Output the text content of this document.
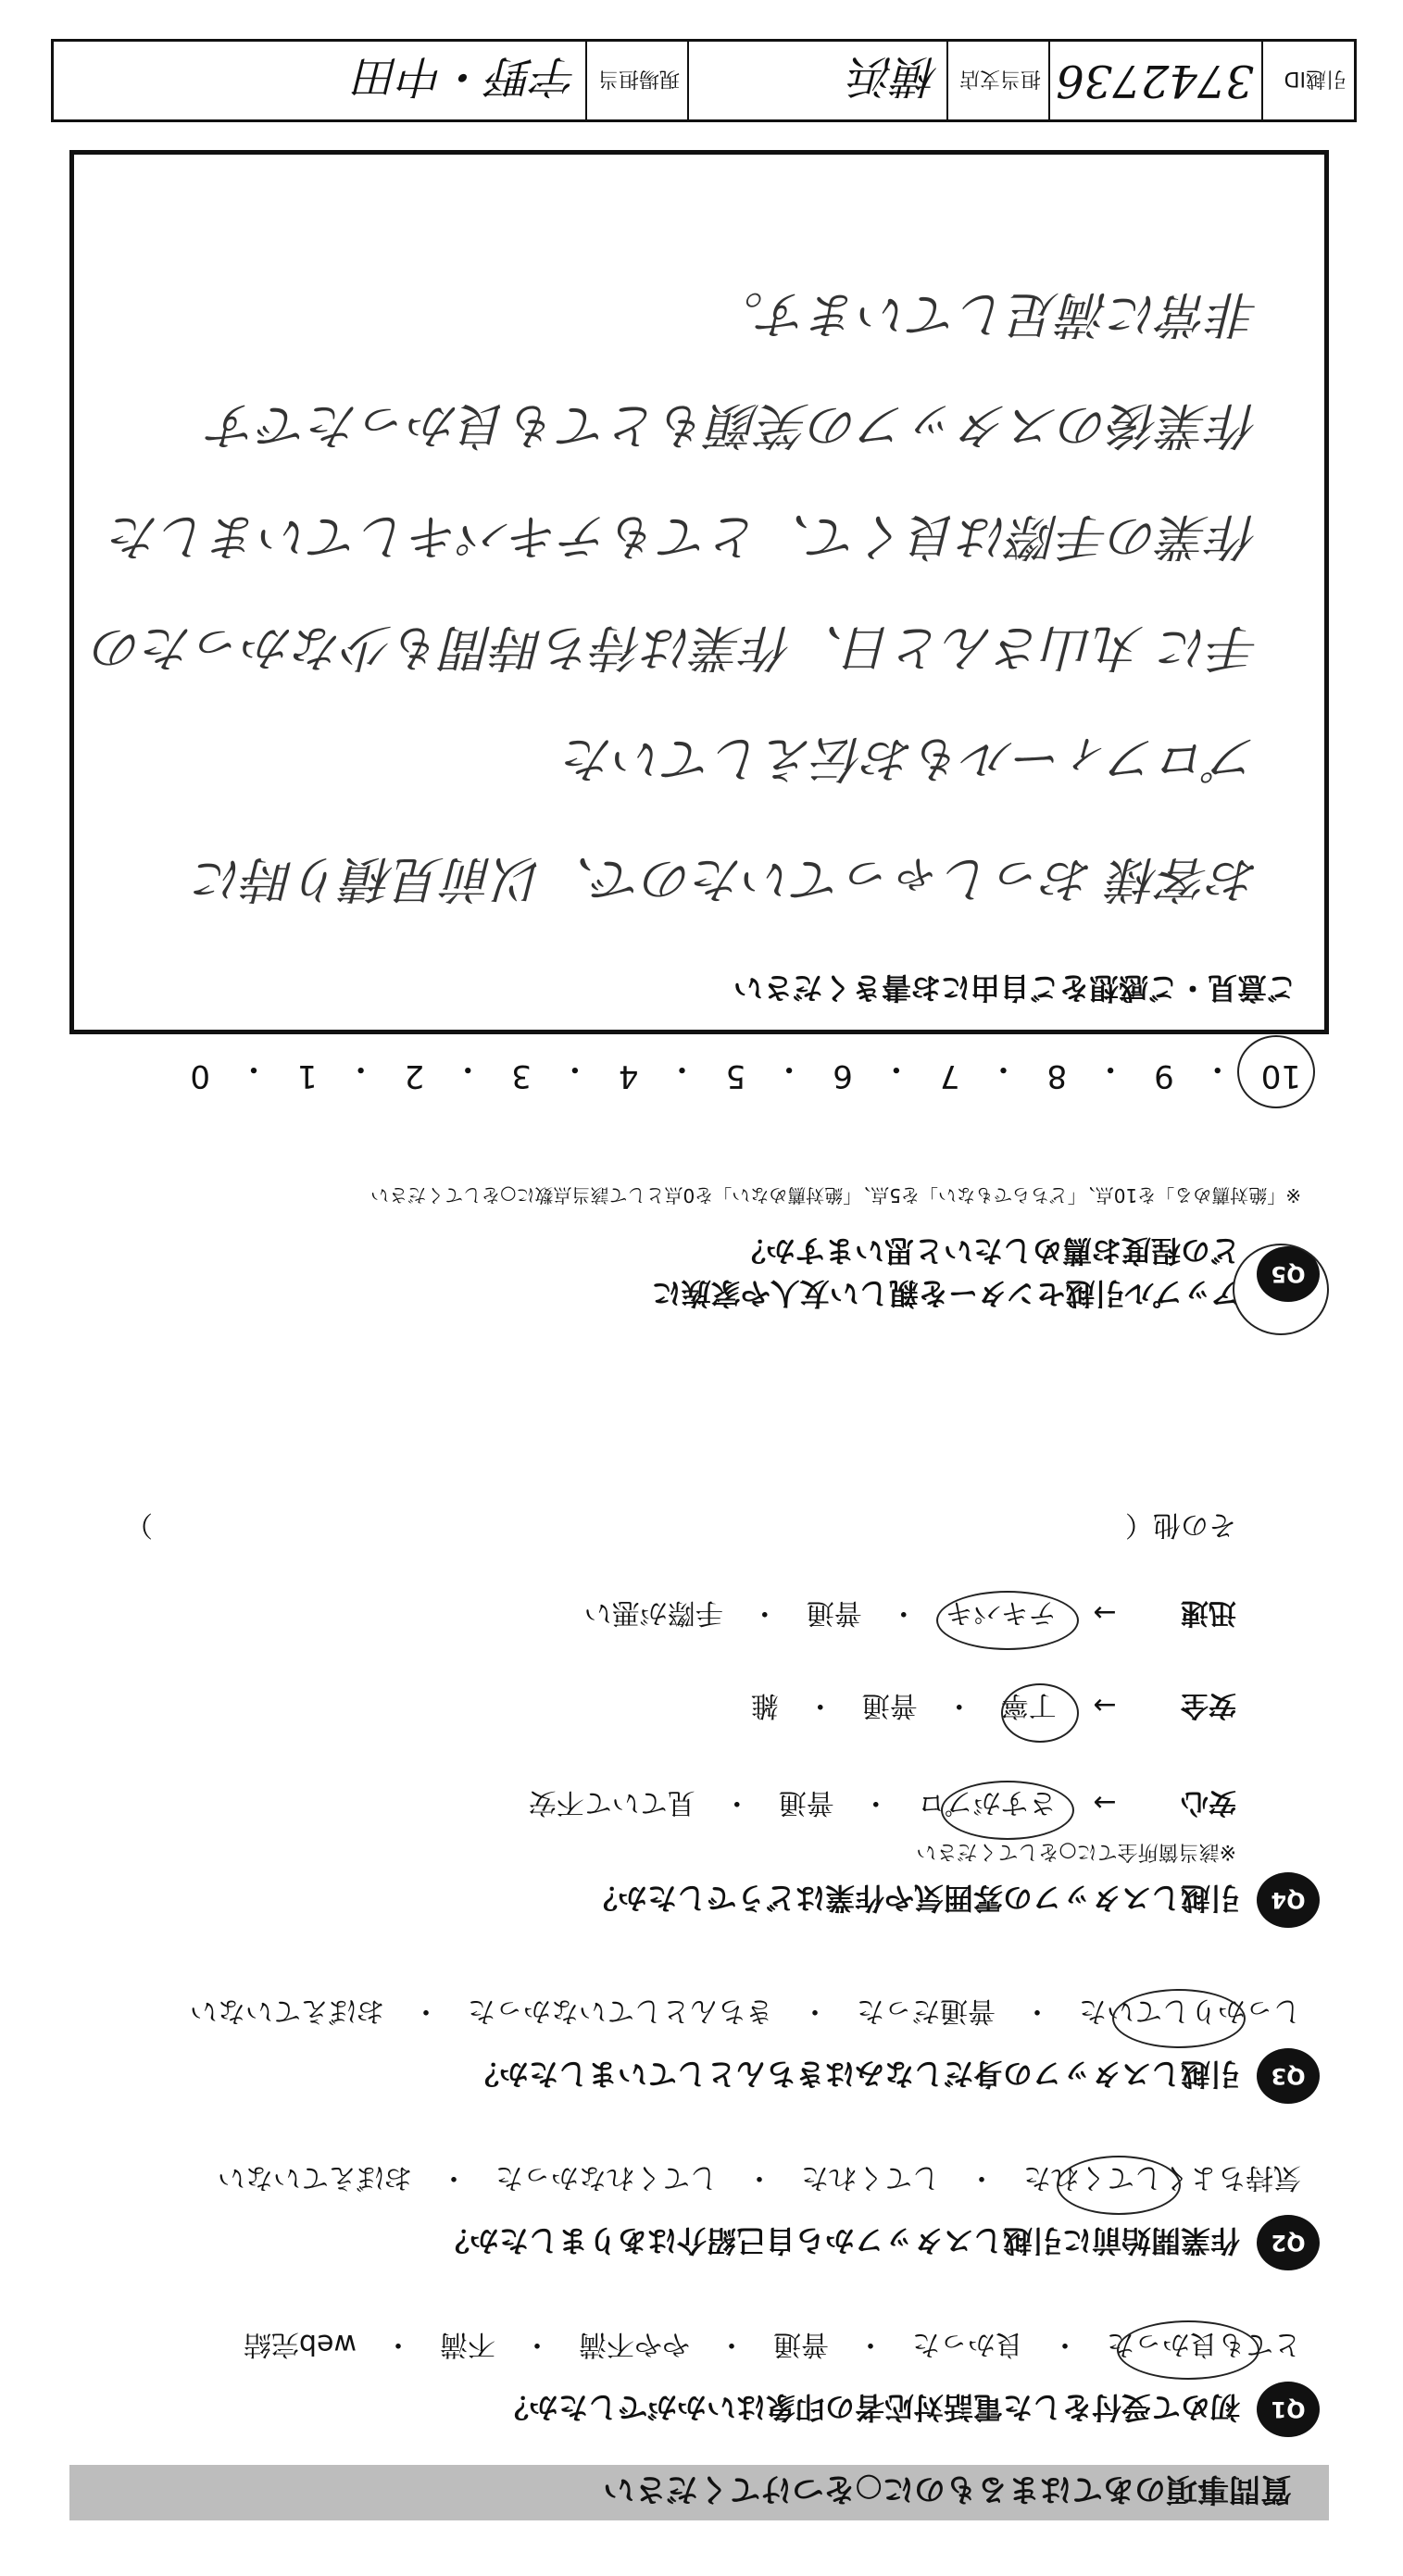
質問事項のあてはまるものに○をつけてください
Q1
初めて受付をした電話対応者の印象はいかがでしたか？
とても良かった　・　良かった　・　普通　・　やや不満　・　不満　・　web完結
Q2
作業開始前に引越しスタッフから自己紹介はありましたか？
気持ちよくしてくれた　・　してくれた　・　してくれなかった　・　おぼえていない
Q3
引越しスタッフの身だしなみはきちんとしていましたか？
しっかりしていた　・　普通だった　・　きちんとしていなかった　・　おぼえていない
Q4
引越しスタッフの雰囲気や作業はどうでしたか？
※該当箇所全てに○をしてください
安心 → さすがプロ　・　普通　・　見ていて不安
安全 → 丁寧　・　普通　・　雑
迅速 → テキパキ　・　普通　・　手際が悪い
その他（　　　　　　　　　　　　　　　　　　　　　　　　　　　　　　　　　　　）
Q5
アップル引越センターを親しい友人や家族に
どの程度お薦めしたいと思いますか？
※「絶対薦める」を10点、「どちらでもない」を5点、「絶対薦めない」を0点として該当点数に○をしてください
10
・
9
・
8
・
7
・
6
・
5
・
4
・
3
・
2
・
1
・
0
ご意見・ご感想をご自由にお書きください
お客様 おっしゃっていたので、以前見積り時に
プロフィールもお伝えしていた
手に 丸山さんと日、作業は待ち時間も少なかったの
作業の手際は良くて、とてもテキパキしていました
作業後のスタッフの笑顔もとても良かったです
非常に満足しています。
引越ID
3742736
担当支店
横浜
現場担当
宇野・中田
